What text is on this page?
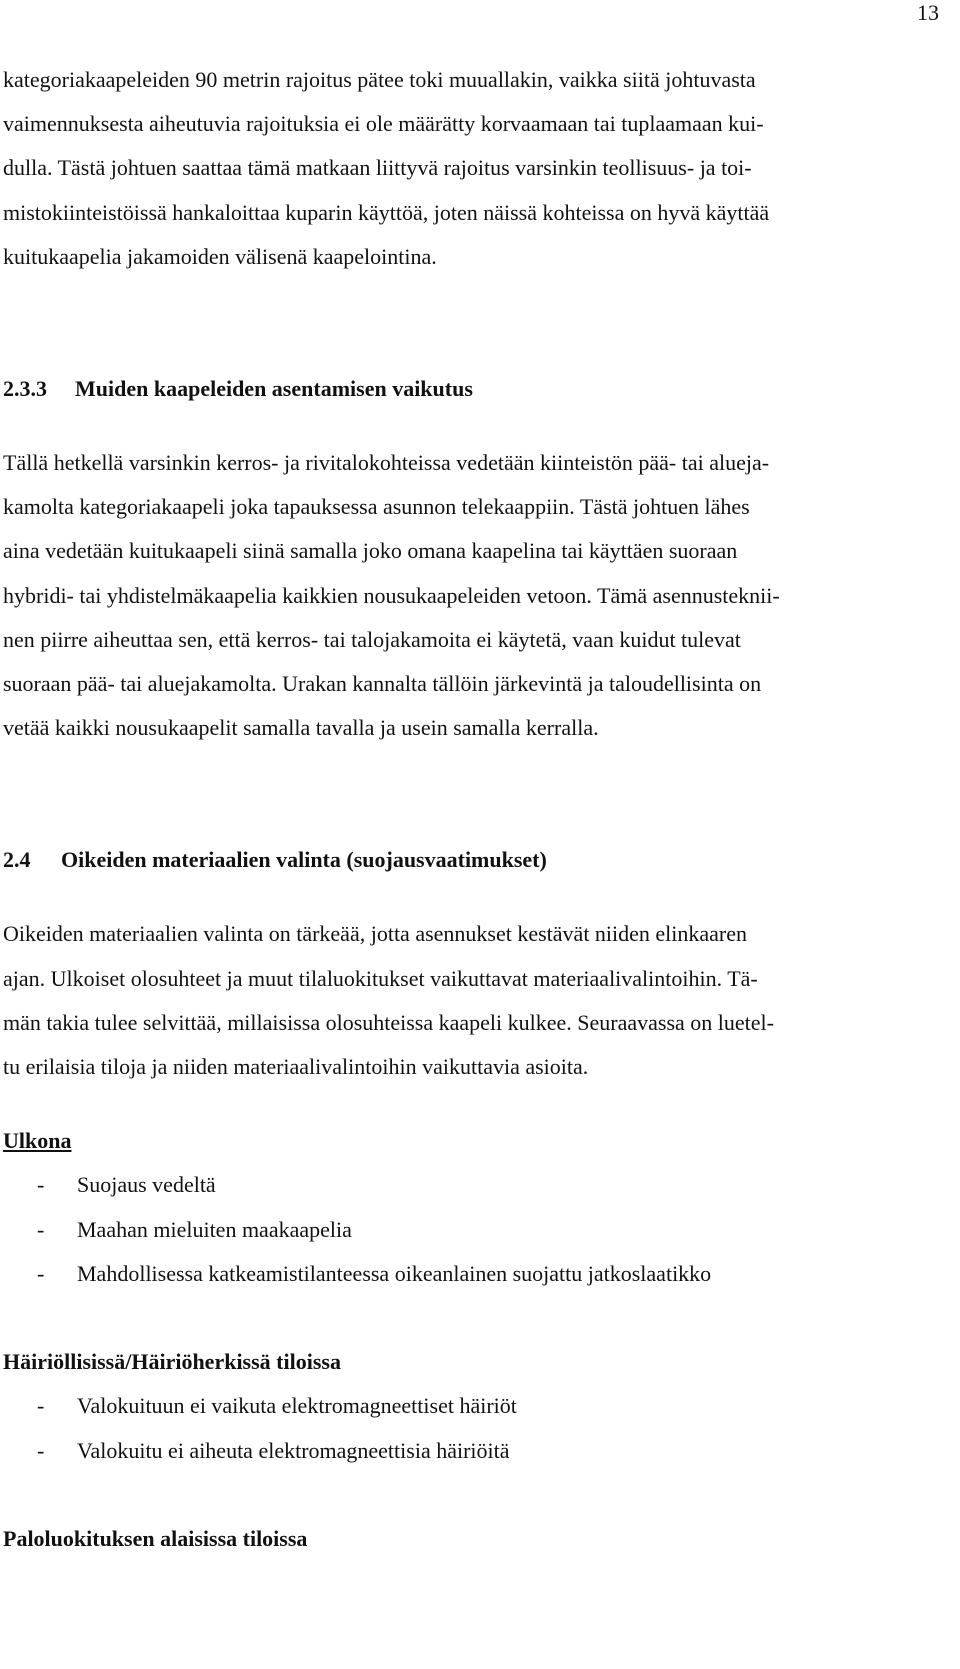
13

kategoriakaapeleiden 90 metrin rajoitus pätee toki muuallakin, vaikka siitä johtuvasta
vaimennuksesta aiheutuvia rajoituksia ei ole määrätty korvaamaan tai tuplaamaan kui-
dulla. Tästä johtuen saattaa tämä matkaan liittyvä rajoitus varsinkin teollisuus- ja toi-
mistokiinteistöissä hankaloittaa kuparin käyttöä, joten näissä kohteissa on hyvä käyttää
kuitukaapelia jakamoiden välisenä kaapelointina.

2.3.3 Muiden kaapeleiden asentamisen vaikutus

Tällä hetkellä varsinkin kerros- ja rivitalokohteissa vedetään kiinteistön pää- tai alueja-
kamolta kategoriakaapeli joka tapauksessa asunnon telekaappiin. Tästä johtuen lähes
aina vedetään kuitukaapeli siinä samalla joko omana kaapelina tai käyttäen suoraan
hybridi- tai yhdistelmäkaapelia kaikkien nousukaapeleiden vetoon. Tämä asennusteknii-
nen piirre aiheuttaa sen, että kerros- tai talojakamoita ei käytetä, vaan kuidut tulevat
suoraan pää- tai aluejakamolta. Urakan kannalta tällöin järkevintä ja taloudellisinta on
vetää kaikki nousukaapelit samalla tavalla ja usein samalla kerralla.

2.4 Oikeiden materiaalien valinta (suojausvaatimukset)

Oikeiden materiaalien valinta on tärkeää, jotta asennukset kestävät niiden elinkaaren
ajan. Ulkoiset olosuhteet ja muut tilaluokitukset vaikuttavat materiaalivalintoihin. Tä-
män takia tulee selvittää, millaisissa olosuhteissa kaapeli kulkee. Seuraavassa on luetel-
tu erilaisia tiloja ja niiden materiaalivalintoihin vaikuttavia asioita.

Ulkona
- Suojaus vedeltä
- Maahan mieluiten maakaapelia
- Mahdollisessa katkeamistilanteessa oikeanlainen suojattu jatkoslaatikko
Häiriöllisissä/Häiriöherkissä tiloissa
- Valokuituun ei vaikuta elektromagneettiset häiriöt
- Valokuitu ei aiheuta elektromagneettisia häiriöitä
Paloluokituksen alaisissa tiloissa
